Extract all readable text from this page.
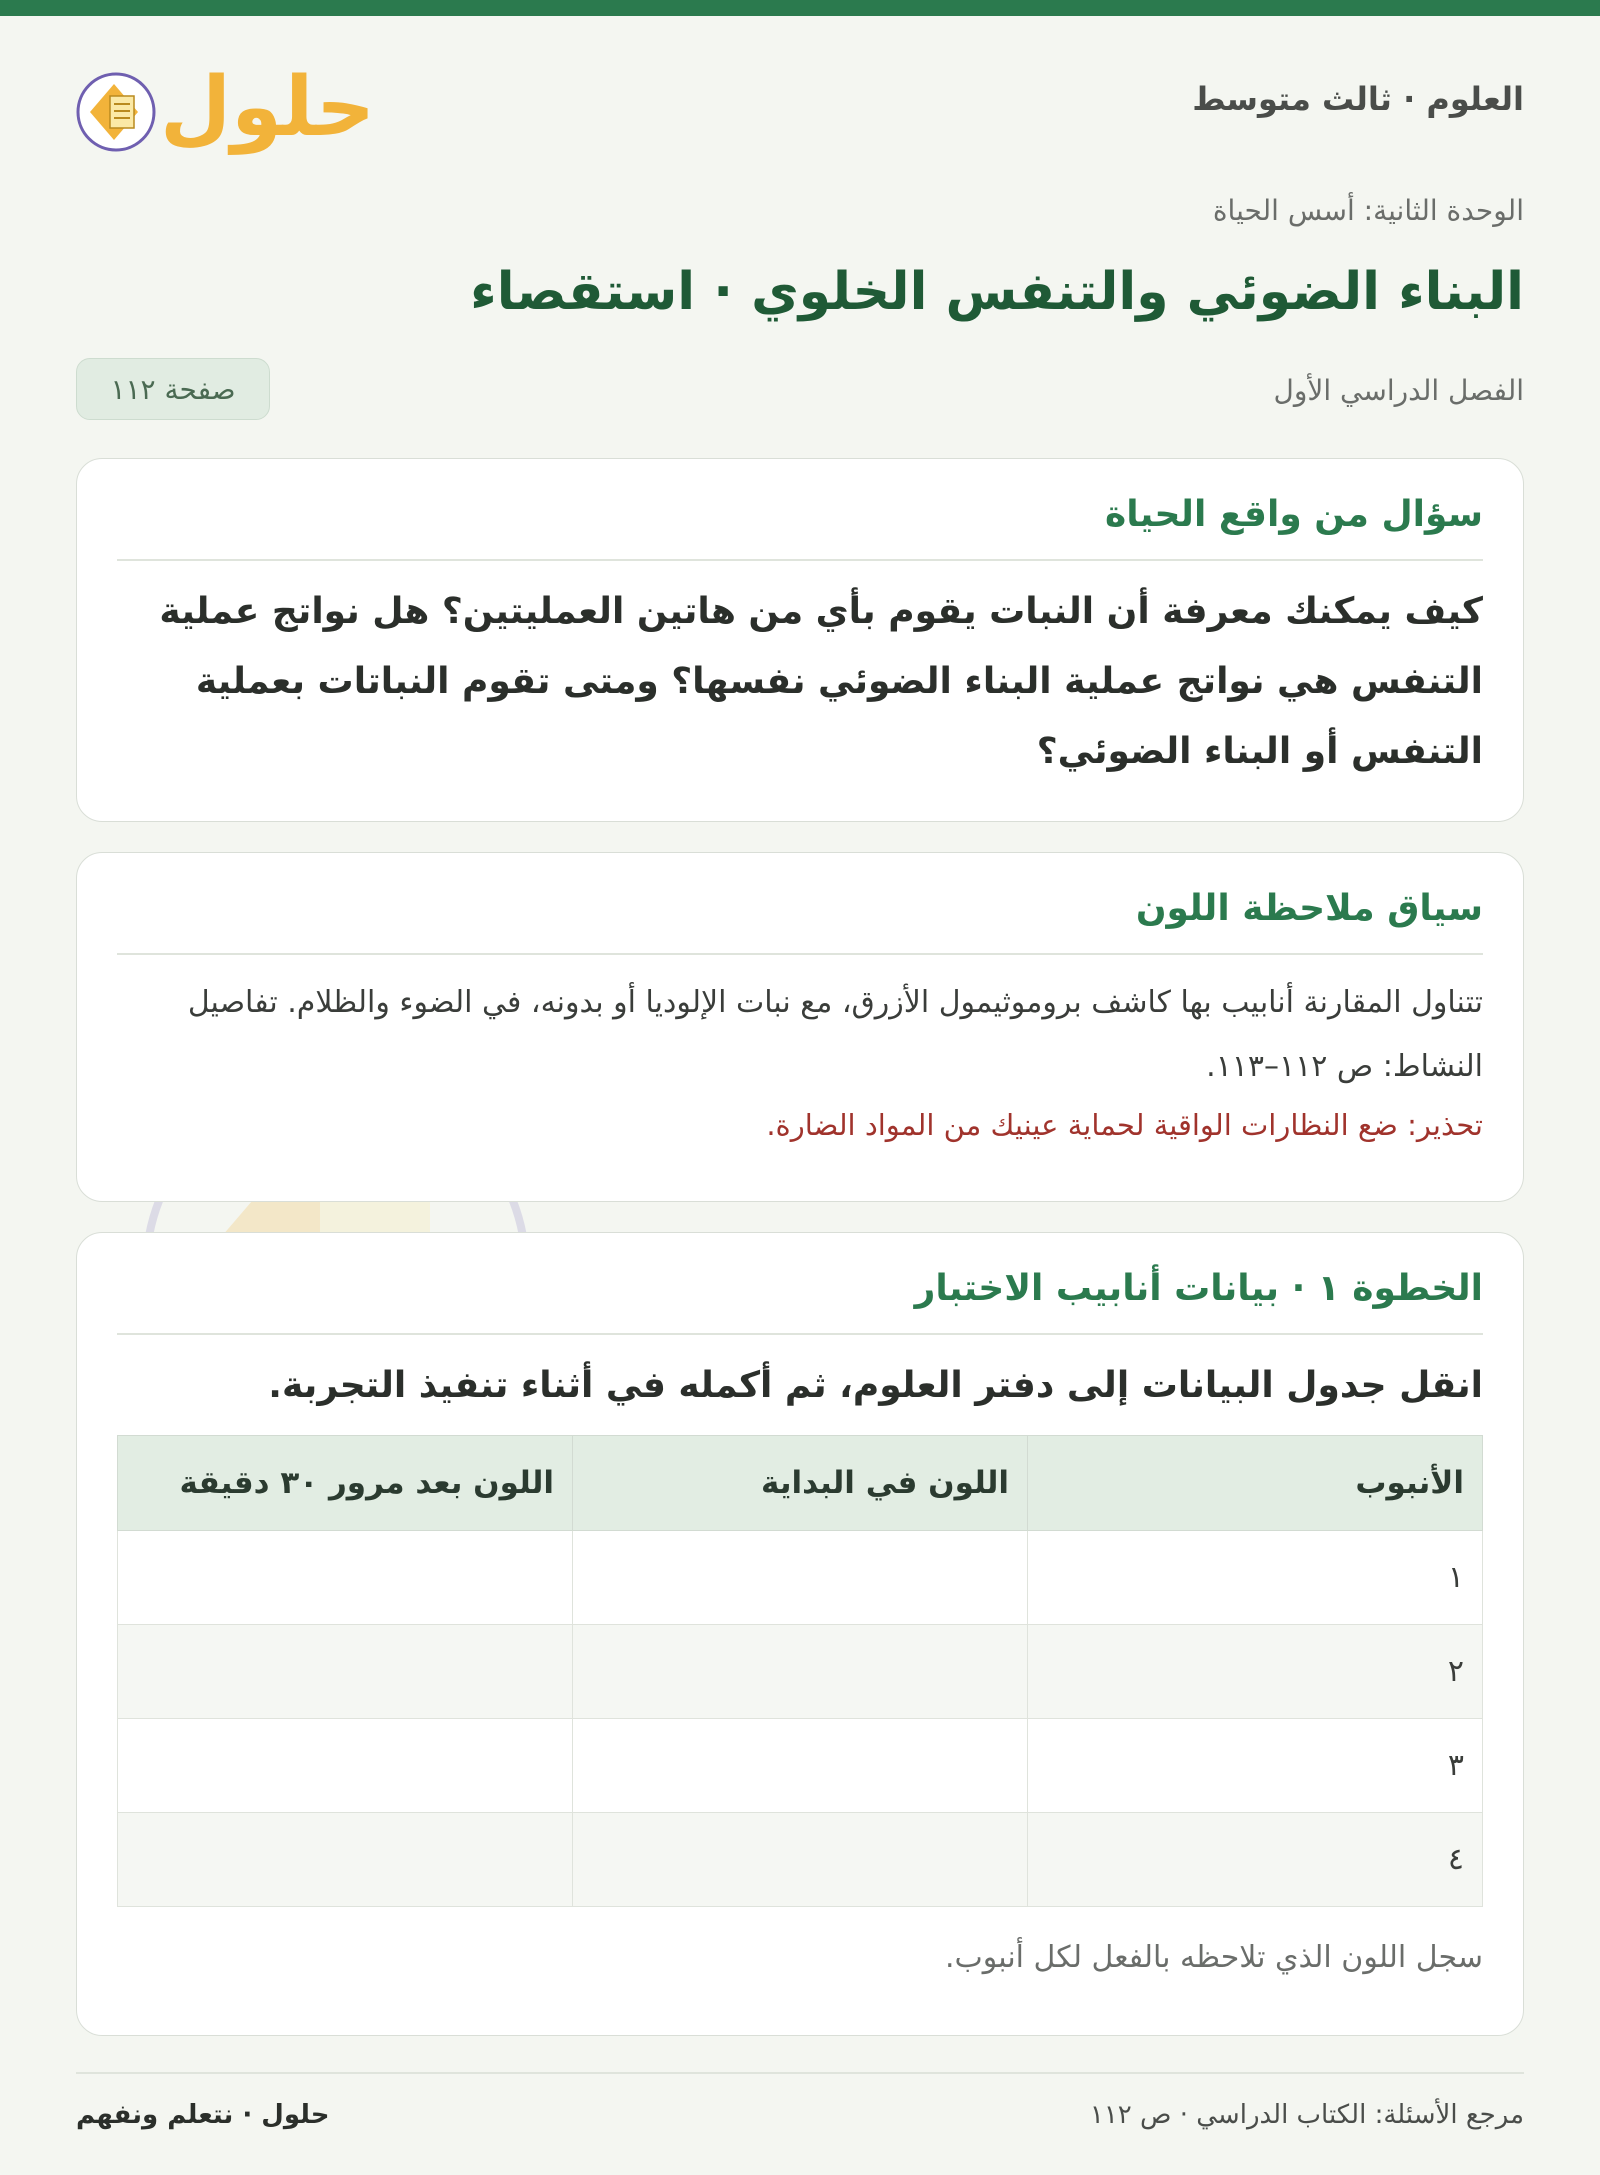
العلوم · ثالث متوسط
حلول
الوحدة الثانية: أسس الحياة
البناء الضوئي والتنفس الخلوي · استقصاء
الفصل الدراسي الأول
صفحة ١١٢
سؤال من واقع الحياة

كيف يمكنك معرفة أن النبات يقوم بأي من هاتين العمليتين؟ هل نواتج عملية التنفس هي نواتج عملية البناء الضوئي نفسها؟ ومتى تقوم النباتات بعملية التنفس أو البناء الضوئي؟

سياق ملاحظة اللون

تتناول المقارنة أنابيب بها كاشف بروموثيمول الأزرق، مع نبات الإلوديا أو بدونه، في الضوء والظلام. تفاصيل النشاط: ص ١١٢–١١٣.

تحذير: ضع النظارات الواقية لحماية عينيك من المواد الضارة.

الخطوة ١ · بيانات أنابيب الاختبار

انقل جدول البيانات إلى دفتر العلوم، ثم أكمله في أثناء تنفيذ التجربة.

الأنبوب	اللون في البداية	اللون بعد مرور ٣٠ دقيقة
١		
٢		
٣		
٤		

سجل اللون الذي تلاحظه بالفعل لكل أنبوب.

مرجع الأسئلة: الكتاب الدراسي · ص ١١٢
حلول · نتعلم ونفهم
